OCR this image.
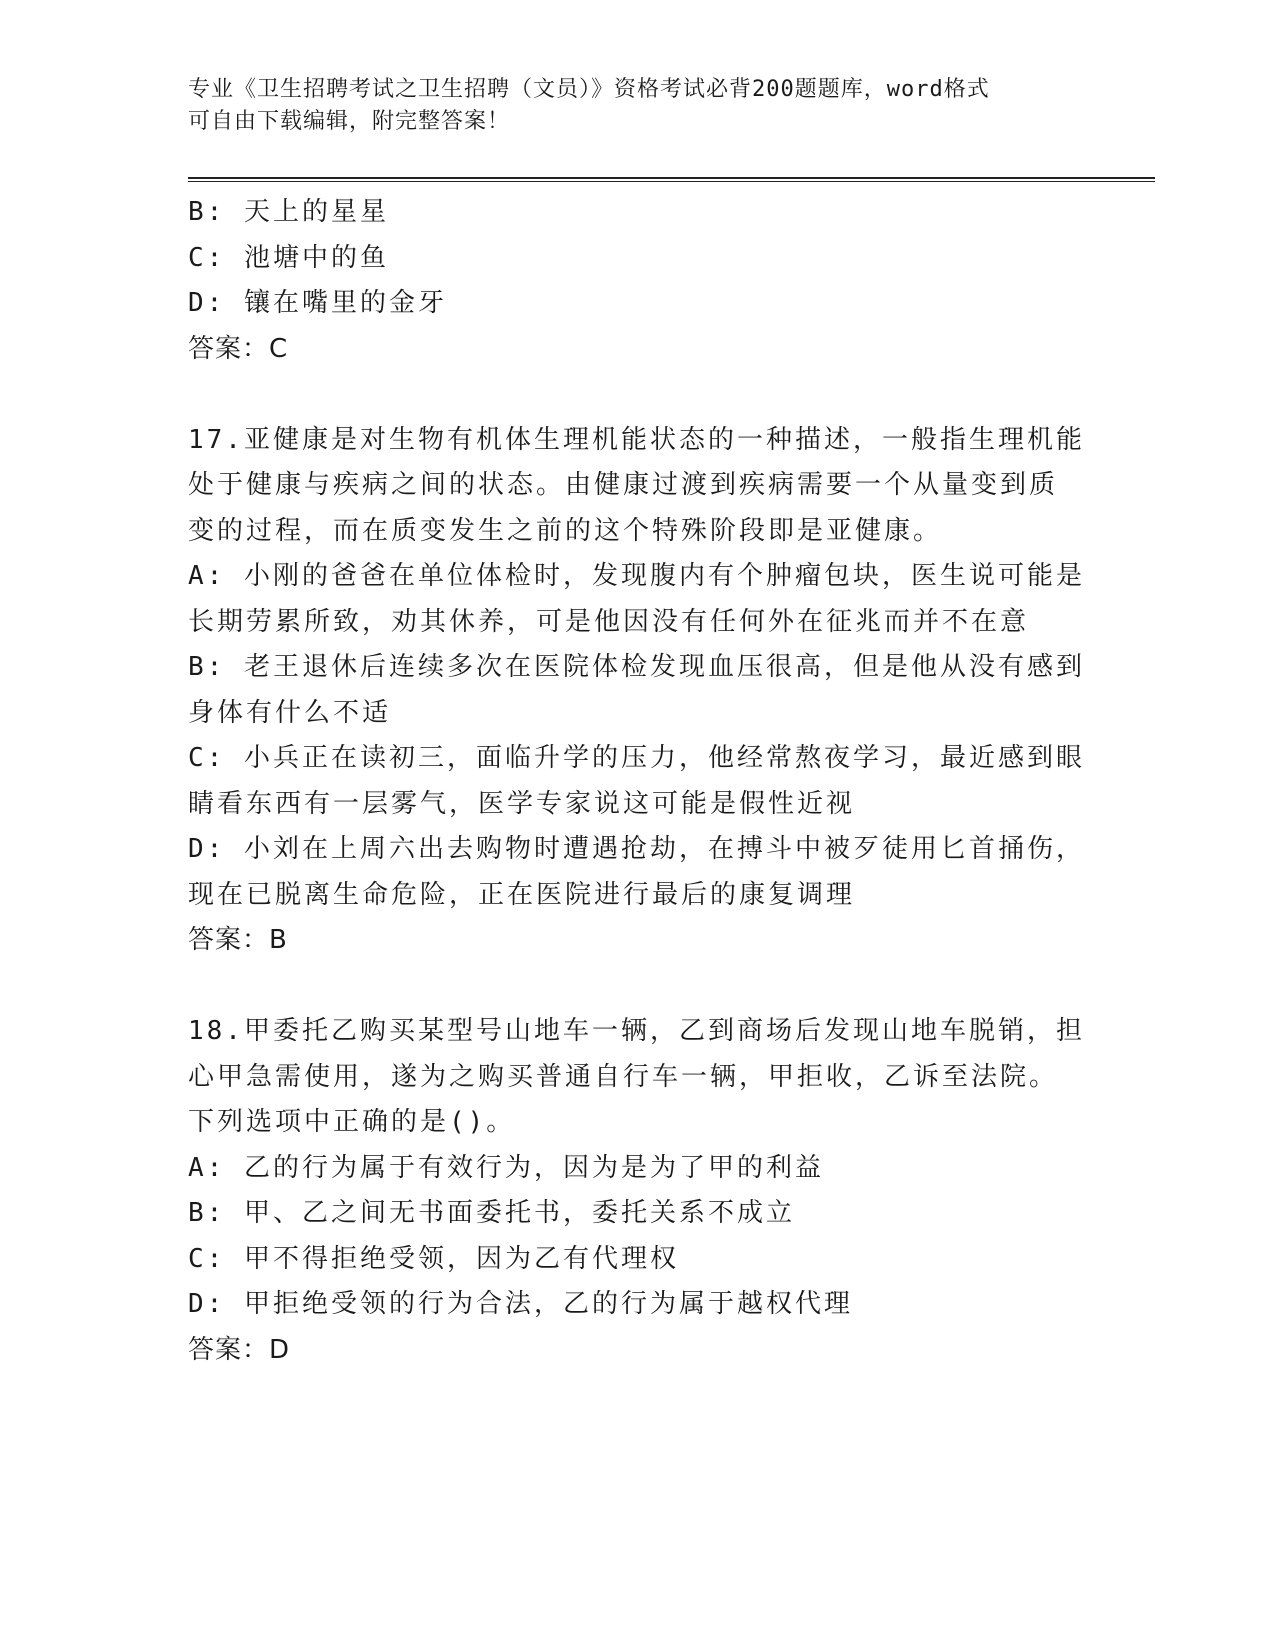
专业《卫生招聘考试之卫生招聘（文员）》资格考试必背200题题库，word格式
可自由下载编辑，附完整答案！
B: 天上的星星
C: 池塘中的鱼
D: 镶在嘴里的金牙
答案：C
17.亚健康是对生物有机体生理机能状态的一种描述，一般指生理机能
处于健康与疾病之间的状态。由健康过渡到疾病需要一个从量变到质
变的过程，而在质变发生之前的这个特殊阶段即是亚健康。
A: 小刚的爸爸在单位体检时，发现腹内有个肿瘤包块，医生说可能是
长期劳累所致，劝其休养，可是他因没有任何外在征兆而并不在意
B: 老王退休后连续多次在医院体检发现血压很高，但是他从没有感到
身体有什么不适
C: 小兵正在读初三，面临升学的压力，他经常熬夜学习，最近感到眼
睛看东西有一层雾气，医学专家说这可能是假性近视
D: 小刘在上周六出去购物时遭遇抢劫，在搏斗中被歹徒用匕首捅伤，
现在已脱离生命危险，正在医院进行最后的康复调理
答案：B
18.甲委托乙购买某型号山地车一辆，乙到商场后发现山地车脱销，担
心甲急需使用，遂为之购买普通自行车一辆，甲拒收，乙诉至法院。
下列选项中正确的是()。
A: 乙的行为属于有效行为，因为是为了甲的利益
B: 甲、乙之间无书面委托书，委托关系不成立
C: 甲不得拒绝受领，因为乙有代理权
D: 甲拒绝受领的行为合法，乙的行为属于越权代理
答案：D
